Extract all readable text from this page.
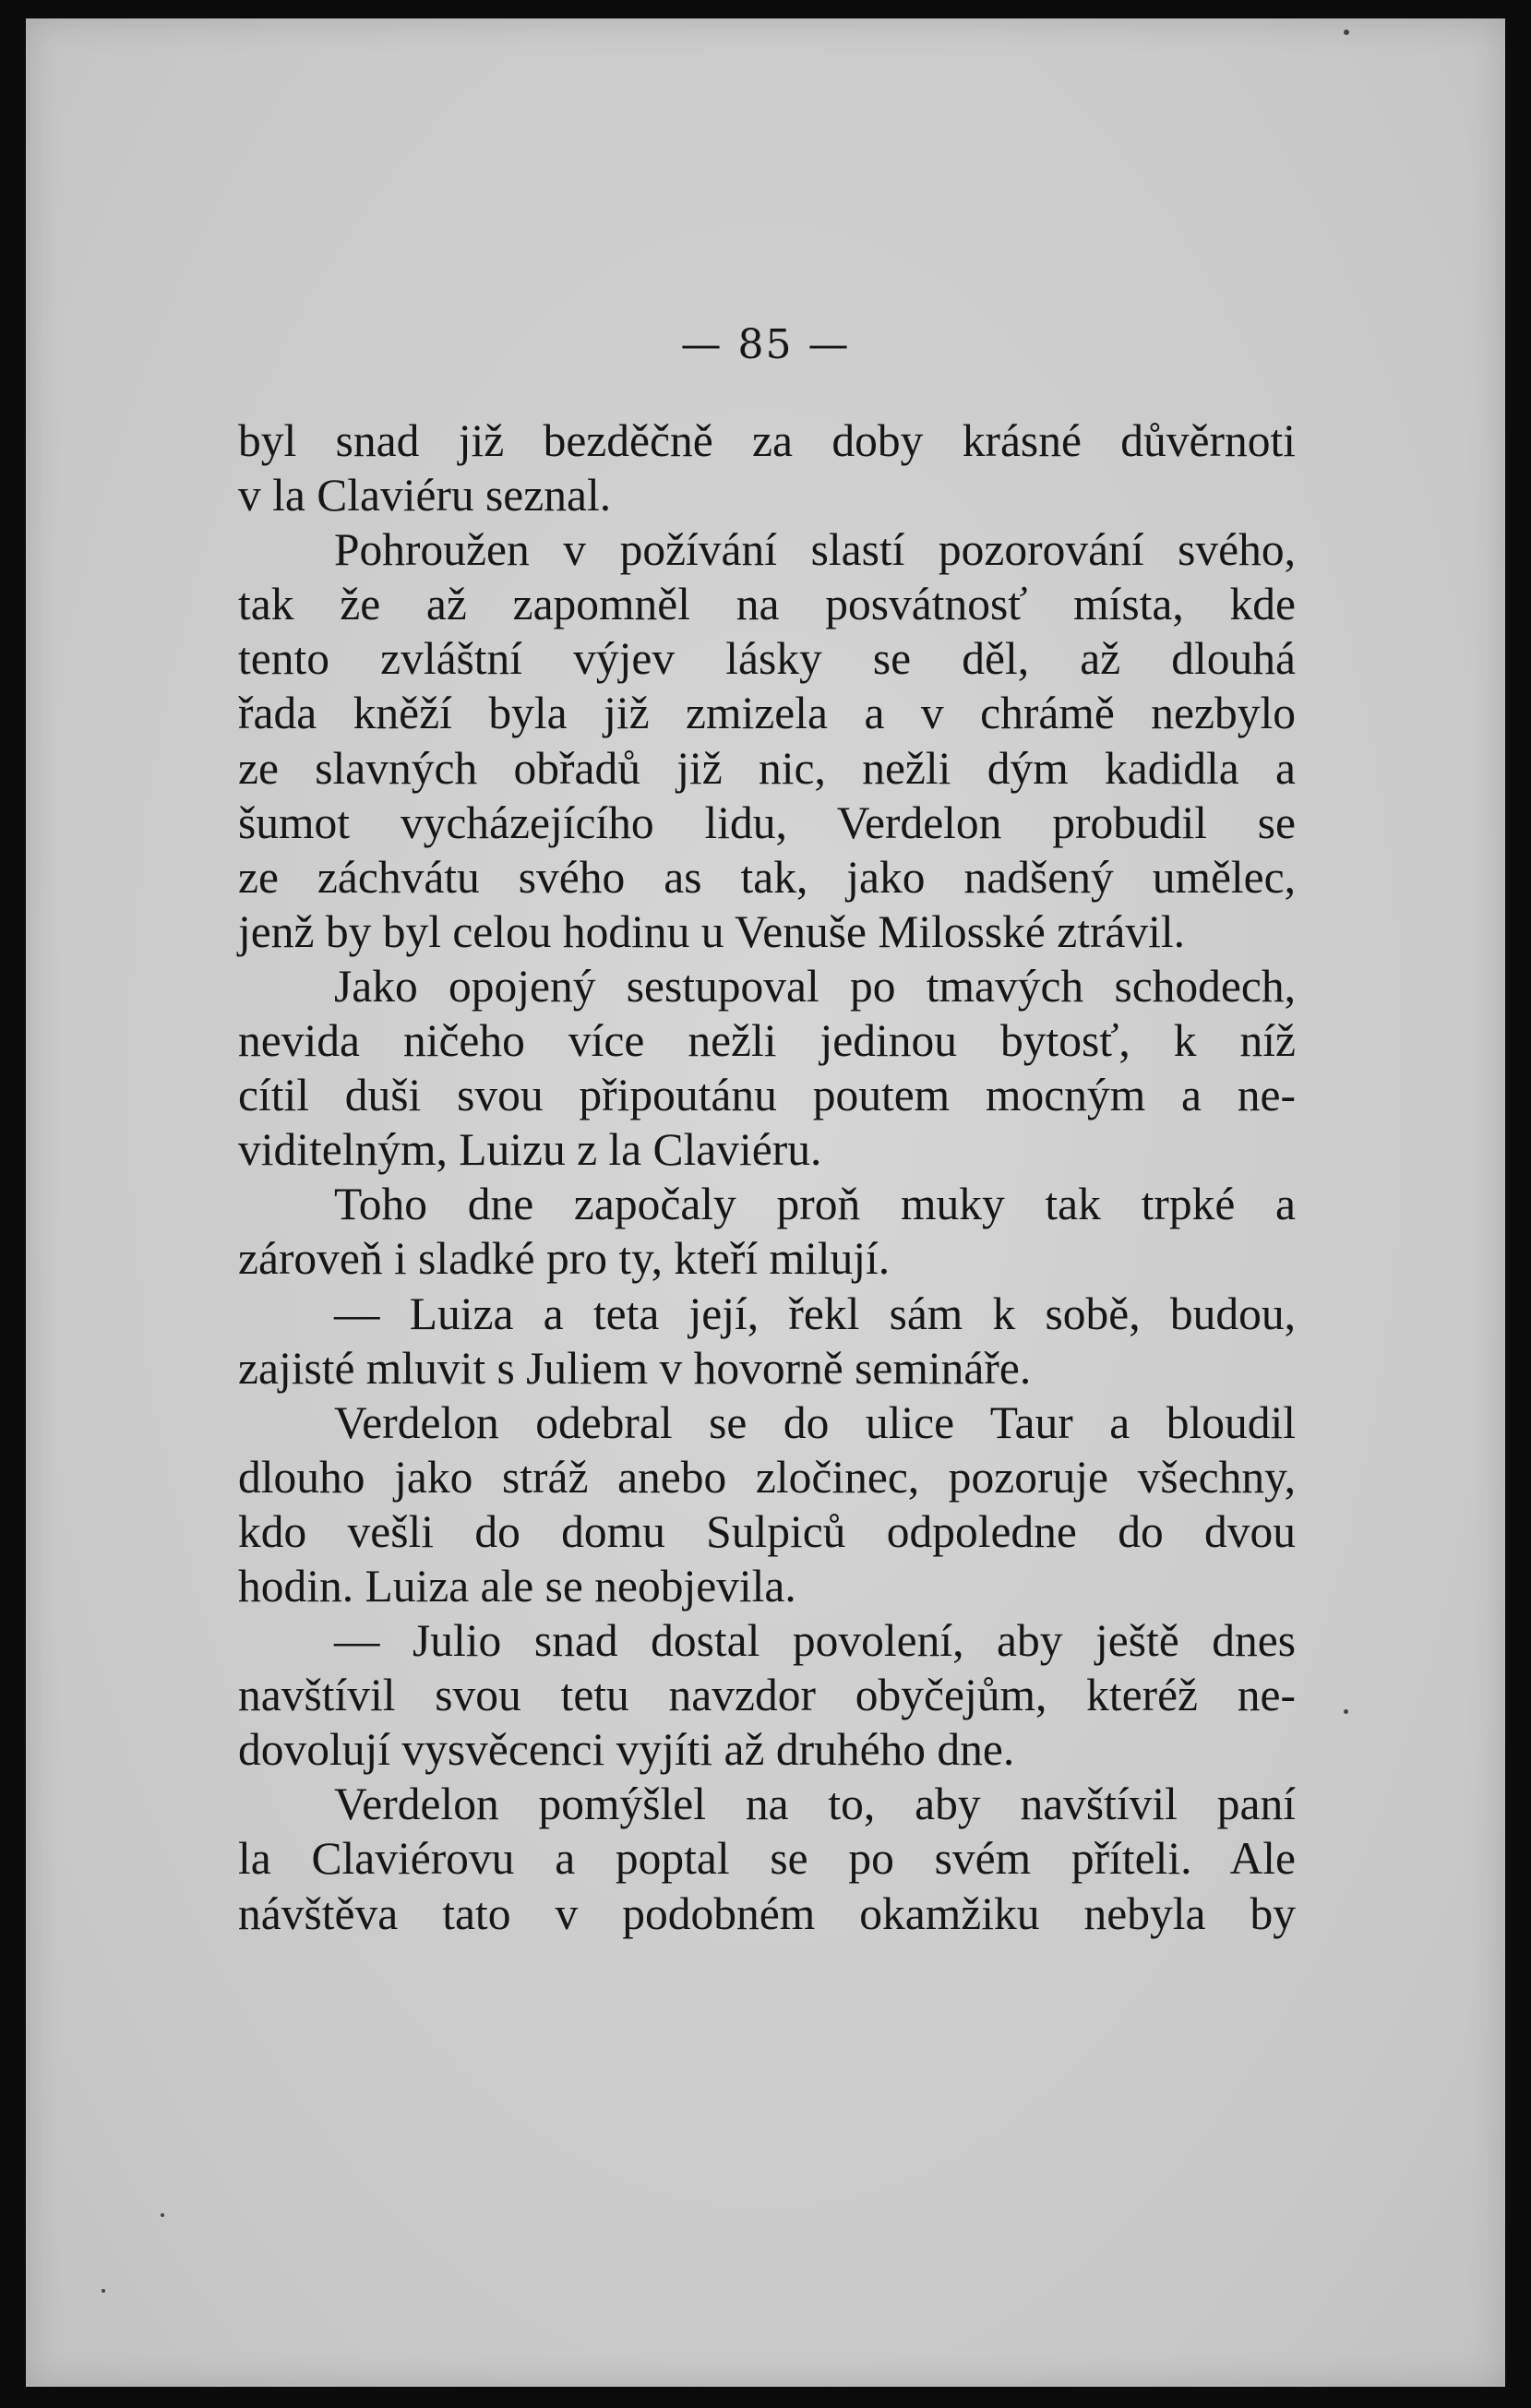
— 85 —
byl snad již bezděčně za doby krásné důvěrnoti
v la Claviéru seznal.
Pohroužen v požívání slastí pozorování svého,
tak že až zapomněl na posvátnosť místa, kde
tento zvláštní výjev lásky se děl, až dlouhá
řada kněží byla již zmizela a v chrámě nezbylo
ze slavných obřadů již nic, nežli dým kadidla a
šumot vycházejícího lidu, Verdelon probudil se
ze záchvátu svého as tak, jako nadšený umělec,
jenž by byl celou hodinu u Venuše Milosské ztrávil.
Jako opojený sestupoval po tmavých schodech,
nevida ničeho více nežli jedinou bytosť, k níž
cítil duši svou připoutánu poutem mocným a ne-
viditelným, Luizu z la Claviéru.
Toho dne započaly proň muky tak trpké a
zároveň i sladké pro ty, kteří milují.
— Luiza a teta její, řekl sám k sobě, budou,
zajisté mluvit s Juliem v hovorně semináře.
Verdelon odebral se do ulice Taur a bloudil
dlouho jako stráž anebo zločinec, pozoruje všechny,
kdo vešli do domu Sulpiců odpoledne do dvou
hodin. Luiza ale se neobjevila.
— Julio snad dostal povolení, aby ještě dnes
navštívil svou tetu navzdor obyčejům, kteréž ne-
dovolují vysvěcenci vyjíti až druhého dne.
Verdelon pomýšlel na to, aby navštívil paní
la Claviérovu a poptal se po svém příteli. Ale
návštěva tato v podobném okamžiku nebyla by
